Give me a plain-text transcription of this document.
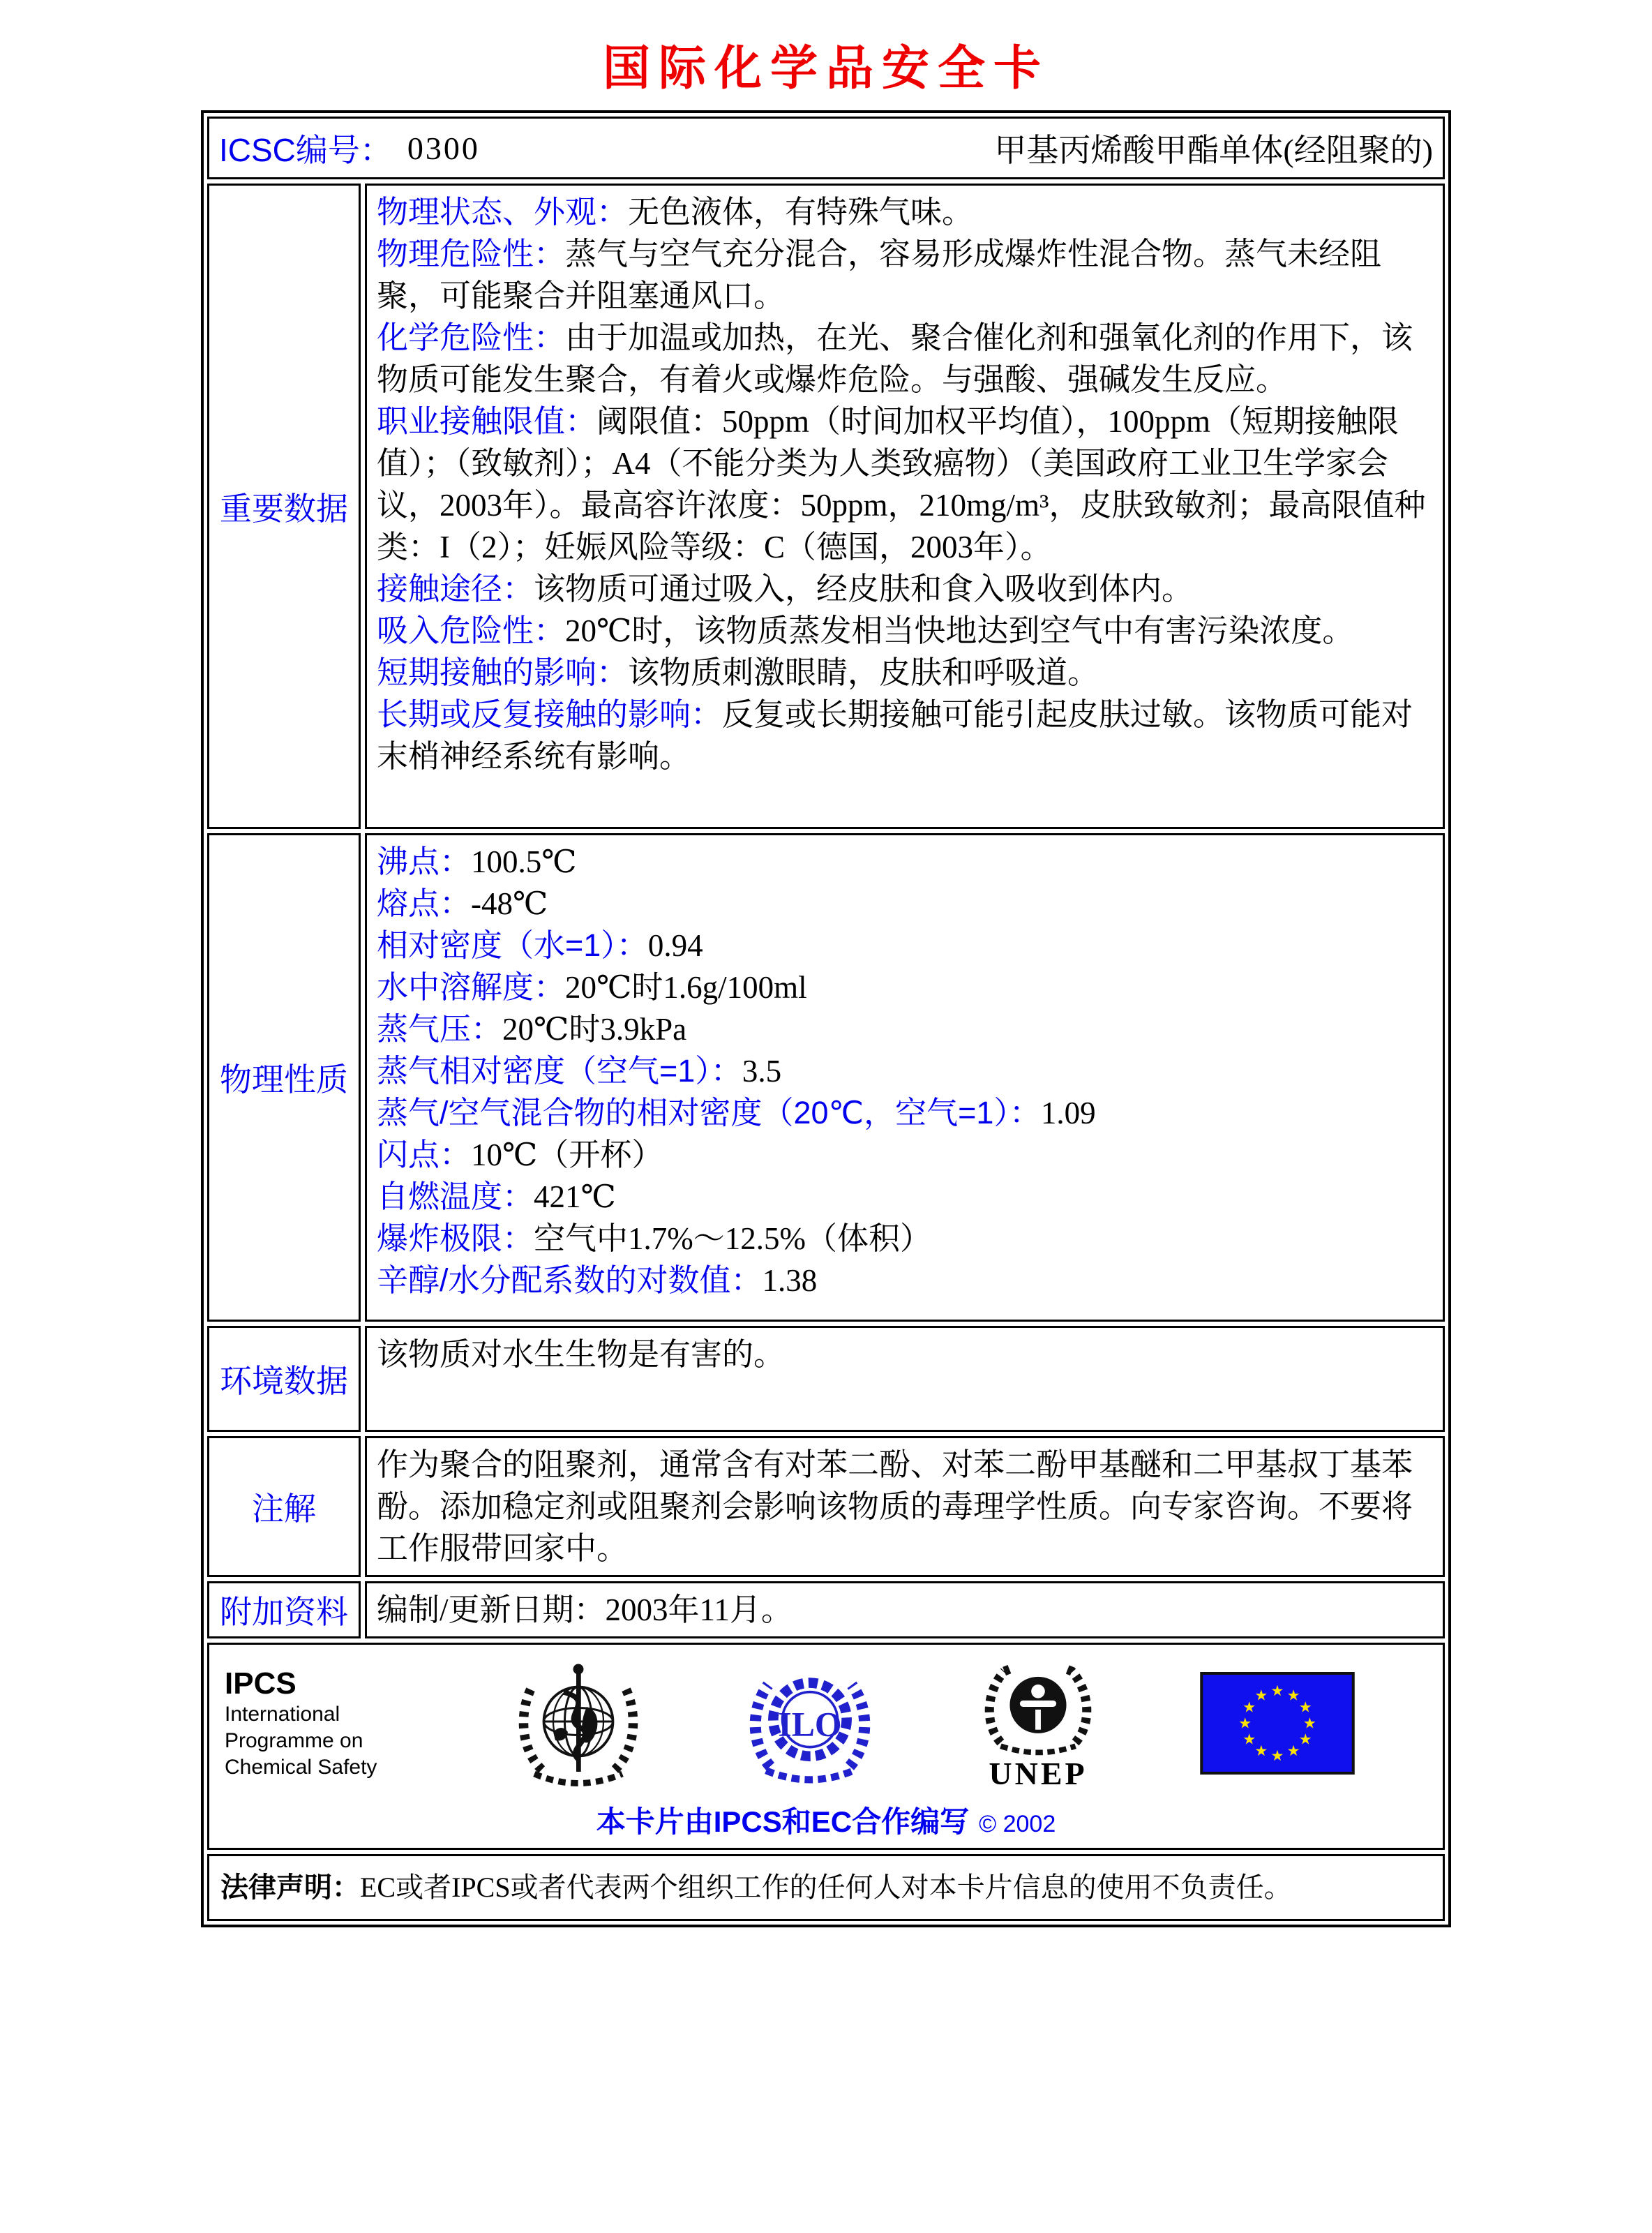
国际化学品安全卡
ICSC编号： 0300	甲基丙烯酸甲酯单体(经阻聚的)
重要数据

物理状态、外观：无色液体，有特殊气味。

物理危险性：蒸气与空气充分混合，容易形成爆炸性混合物。蒸气未经阻聚，可能聚合并阻塞通风口。

化学危险性：由于加温或加热，在光、聚合催化剂和强氧化剂的作用下，该物质可能发生聚合，有着火或爆炸危险。与强酸、强碱发生反应。

职业接触限值：阈限值：50ppm（时间加权平均值），100ppm（短期接触限值）；（致敏剂）；A4（不能分类为人类致癌物）（美国政府工业卫生学家会议，2003年）。最高容许浓度：50ppm，210mg/m³，皮肤致敏剂；最高限值种类：I（2）；妊娠风险等级：C（德国，2003年）。

接触途径：该物质可通过吸入，经皮肤和食入吸收到体内。

吸入危险性：20℃时，该物质蒸发相当快地达到空气中有害污染浓度。

短期接触的影响：该物质刺激眼睛，皮肤和呼吸道。

长期或反复接触的影响：反复或长期接触可能引起皮肤过敏。该物质可能对末梢神经系统有影响。

物理性质
沸点：100.5℃
熔点：-48℃
相对密度（水=1）：0.94
水中溶解度：20℃时1.6g/100ml
蒸气压：20℃时3.9kPa
蒸气相对密度（空气=1）：3.5
蒸气/空气混合物的相对密度（20℃，空气=1）：1.09
闪点：10℃（开杯）
自燃温度：421℃
爆炸极限：空气中1.7%～12.5%（体积）
辛醇/水分配系数的对数值：1.38
环境数据

该物质对水生生物是有害的。

注解

作为聚合的阻聚剂，通常含有对苯二酚、对苯二酚甲基醚和二甲基叔丁基苯酚。添加稳定剂或阻聚剂会影响该物质的毒理学性质。向专家咨询。不要将工作服带回家中。

附加资料 编制/更新日期：2003年11月。

IPCS
International
Programme on
Chemical Safety
ILO
UNEP
★ ★
★
★
★
★
★
★
★
★
★
★
本卡片由IPCS和EC合作编写 © 2002
法律声明：EC或者IPCS或者代表两个组织工作的任何人对本卡片信息的使用不负责任。
